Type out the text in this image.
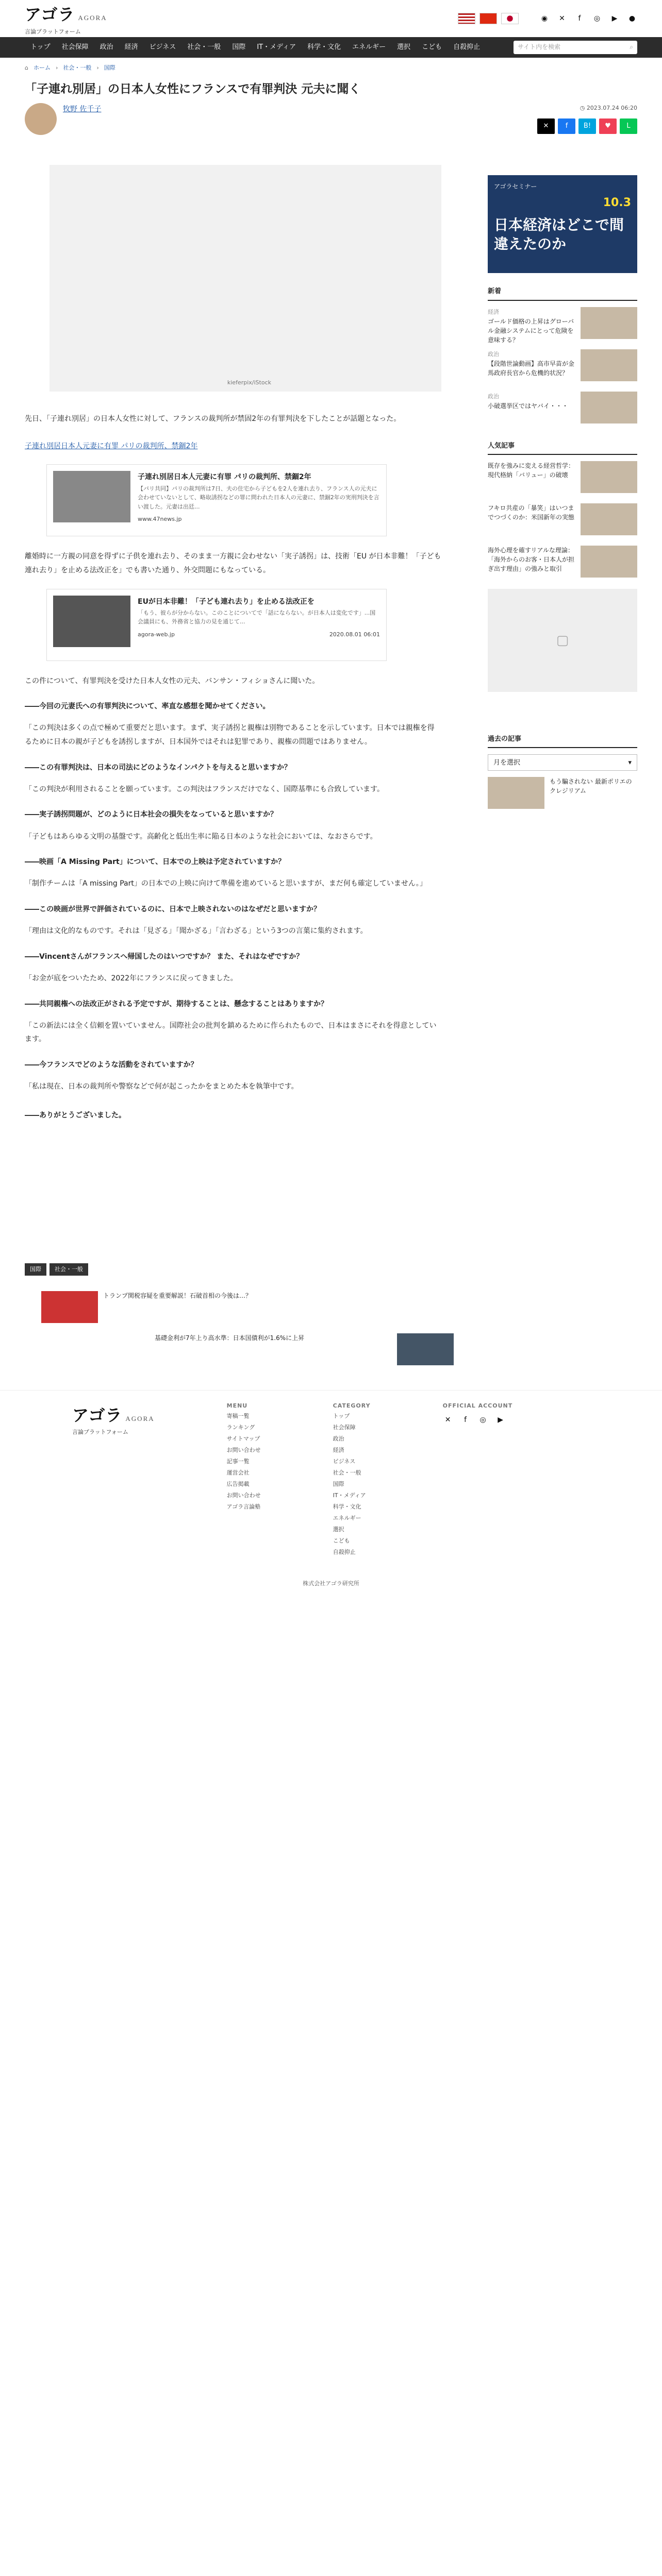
アゴラ AGORA
言論プラットフォーム
◉ ✕	f	◎	▶	●
トップ	社会保障	政治	経済	ビジネス	社会・一般	国際	IT・メディア	科学・文化	エネルギー	選択	こども	自殺抑止	サイト内を検索	⌕
⌂ ホーム › 社会・一般 › 国際
「子連れ別居」の日本人女性にフランスで有罪判決 元夫に聞く
牧野 佐千子	◷ 2023.07.24 06:20
✕	f	B!	♥	L
kieferpix/iStock

先日、「子連れ別居」の日本人女性に対して、フランスの裁判所が禁固2年の有罪判決を下したことが話題となった。

子連れ別居日本人元妻に有罪 パリの裁判所、禁錮2年

子連れ別居日本人元妻に有罪 パリの裁判所、禁錮2年

【パリ共同】パリの裁判所は7日、夫の住宅から子どもを2人を連れ去り、フランス人の元夫に会わせていないとして、略取誘拐などの罪に問われた日本人の元妻に、禁錮2年の実刑判決を言い渡した。元妻は出廷...

www.47news.jp

離婚時に一方親の同意を得ずに子供を連れ去り、そのまま一方親に会わせない「実子誘拐」は、技術「EU が日本非難！「子ども連れ去り」を止める法改正を」でも書いた通り、外交問題にもなっている。

EUが日本非難！「子ども連れ去り」を止める法改正を

「もう、彼らが分からない。このことについてで「話にならない。が日本人は変化です」...国会議員にも、外務省と協力の見を通じて...

agora-web.jp	2020.08.01 06:01

この件について、有罪判決を受けた日本人女性の元夫、バンサン・フィショさんに聞いた。

――今回の元妻氏への有罪判決について、率直な感想を聞かせてください。

「この判決は多くの点で極めて重要だと思います。まず、実子誘拐と親権は別物であることを示しています。日本では親権を得るために日本の親が子どもを誘拐しますが、日本国外ではそれは犯罪であり、親権の問題ではありません。

――この有罪判決は、日本の司法にどのようなインパクトを与えると思いますか？

「この判決が利用されることを願っています。この判決はフランスだけでなく、国際基準にも合致しています。

――実子誘拐問題が、どのように日本社会の損失をなっていると思いますか？

「子どもはあらゆる文明の基盤です。高齢化と低出生率に陥る日本のような社会においては、なおさらです。

――映画「A Missing Part」について、日本での上映は予定されていますか？

「制作チームは「A missing Part」の日本での上映に向けて準備を進めていると思いますが、まだ何も確定していません。」

――この映画が世界で評価されているのに、日本で上映されないのはなぜだと思いますか？

「理由は文化的なものです。それは「見ざる」「聞かざる」「言わざる」という3つの言葉に集約されます。

――Vincentさんがフランスへ帰国したのはいつですか？ また、それはなぜですか？

「お金が底をついたため、2022年にフランスに戻ってきました。

――共同親権への法改正がされる予定ですが、期待することは、懸念することはありますか？

「この新法には全く信頼を置いていません。国際社会の批判を鎮めるために作られたもので、日本はまさにそれを得意としています。

――今フランスでどのような活動をされていますか？

「私は現在、日本の裁判所や警察などで何が起こったかをまとめた本を執筆中です。

――ありがとうございました。

アゴラセミナー
10.3
日本経済はどこで間違えたのか
新着
経済
ゴールド価格の上昇はグローバル金融システムにとって危険を意味する？
政治
【段階世論動画】高市早苗が金馬政府長官から危機的状況？
政治
小破選挙区ではヤバイ・・・
人気記事
既存を強みに変える経営哲学：現代格納「バリュー」の破壊
フキロ共産の「暴笑」はいつまでつづくのか：米国新年の実態
海外心理を確すリアルな理論：「海外からのお客・日本人が担ぎ出す理由」の強みと取引
▢
過去の記事
月を選択	▾
もう騙されない 最新ポリエのクレジリアム
国際	社会・一般
トランプ関税容疑を重要解説！石破首相の今後は…？
基礎金利が7年上り高水準：日本国債利が1.6%に上昇
アゴラ AGORA
言論プラットフォーム
MENU
寄稿一覧
ランキング
サイトマップ
お問い合わせ
記事一覧
運営会社
広告掲載
お問い合わせ
アゴラ言論塾
CATEGORY
トップ
社会保障
政治
経済
ビジネス
社会・一般
国際
IT・メディア
科学・文化
エネルギー
選択
こども
自殺抑止
OFFICIAL ACCOUNT
✕	f	◎	▶
株式会社アゴラ研究所
